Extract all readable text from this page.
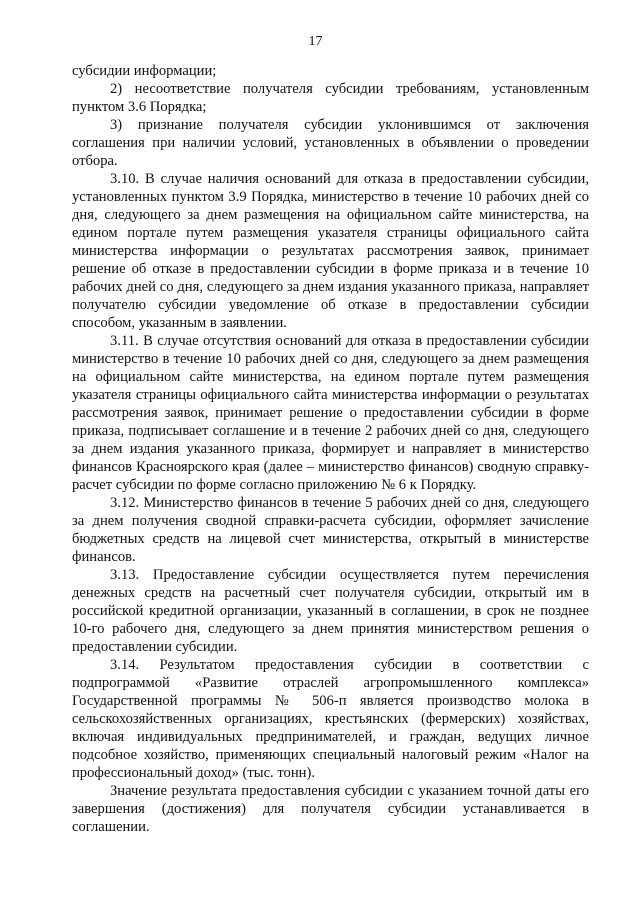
17

субсидии информации;

2) несоответствие получателя субсидии требованиям, установленным пунктом 3.6 Порядка;

3) признание получателя субсидии уклонившимся от заключения соглашения при наличии условий, установленных в объявлении о проведении отбора.

3.10. В случае наличия оснований для отказа в предоставлении субсидии, установленных пунктом 3.9 Порядка, министерство в течение 10 рабочих дней со дня, следующего за днем размещения на официальном сайте министерства, на едином портале путем размещения указателя страницы официального сайта министерства информации о результатах рассмотрения заявок, принимает решение об отказе в предоставлении субсидии в форме приказа и в течение 10 рабочих дней со дня, следующего за днем издания указанного приказа, направляет получателю субсидии уведомление об отказе в предоставлении субсидии способом, указанным в заявлении.

3.11. В случае отсутствия оснований для отказа в предоставлении субсидии министерство в течение 10 рабочих дней со дня, следующего за днем размещения на официальном сайте министерства, на едином портале путем размещения указателя страницы официального сайта министерства информации о результатах рассмотрения заявок, принимает решение о предоставлении субсидии в форме приказа, подписывает соглашение и в течение 2 рабочих дней со дня, следующего за днем издания указанного приказа, формирует и направляет в министерство финансов Красноярского края (далее – министерство финансов) сводную справку-расчет субсидии по форме согласно приложению № 6 к Порядку.

3.12. Министерство финансов в течение 5 рабочих дней со дня, следующего за днем получения сводной справки-расчета субсидии, оформляет зачисление бюджетных средств на лицевой счет министерства, открытый в министерстве финансов.

3.13. Предоставление субсидии осуществляется путем перечисления денежных средств на расчетный счет получателя субсидии, открытый им в российской кредитной организации, указанный в соглашении, в срок не позднее 10-го рабочего дня, следующего за днем принятия министерством решения о предоставлении субсидии.

3.14. Результатом предоставления субсидии в соответствии с подпрограммой «Развитие отраслей агропромышленного комплекса» Государственной программы № 506-п является производство молока в сельскохозяйственных организациях, крестьянских (фермерских) хозяйствах, включая индивидуальных предпринимателей, и граждан, ведущих личное подсобное хозяйство, применяющих специальный налоговый режим «Налог на профессиональный доход» (тыс. тонн).

Значение результата предоставления субсидии с указанием точной даты его завершения (достижения) для получателя субсидии устанавливается в соглашении.
